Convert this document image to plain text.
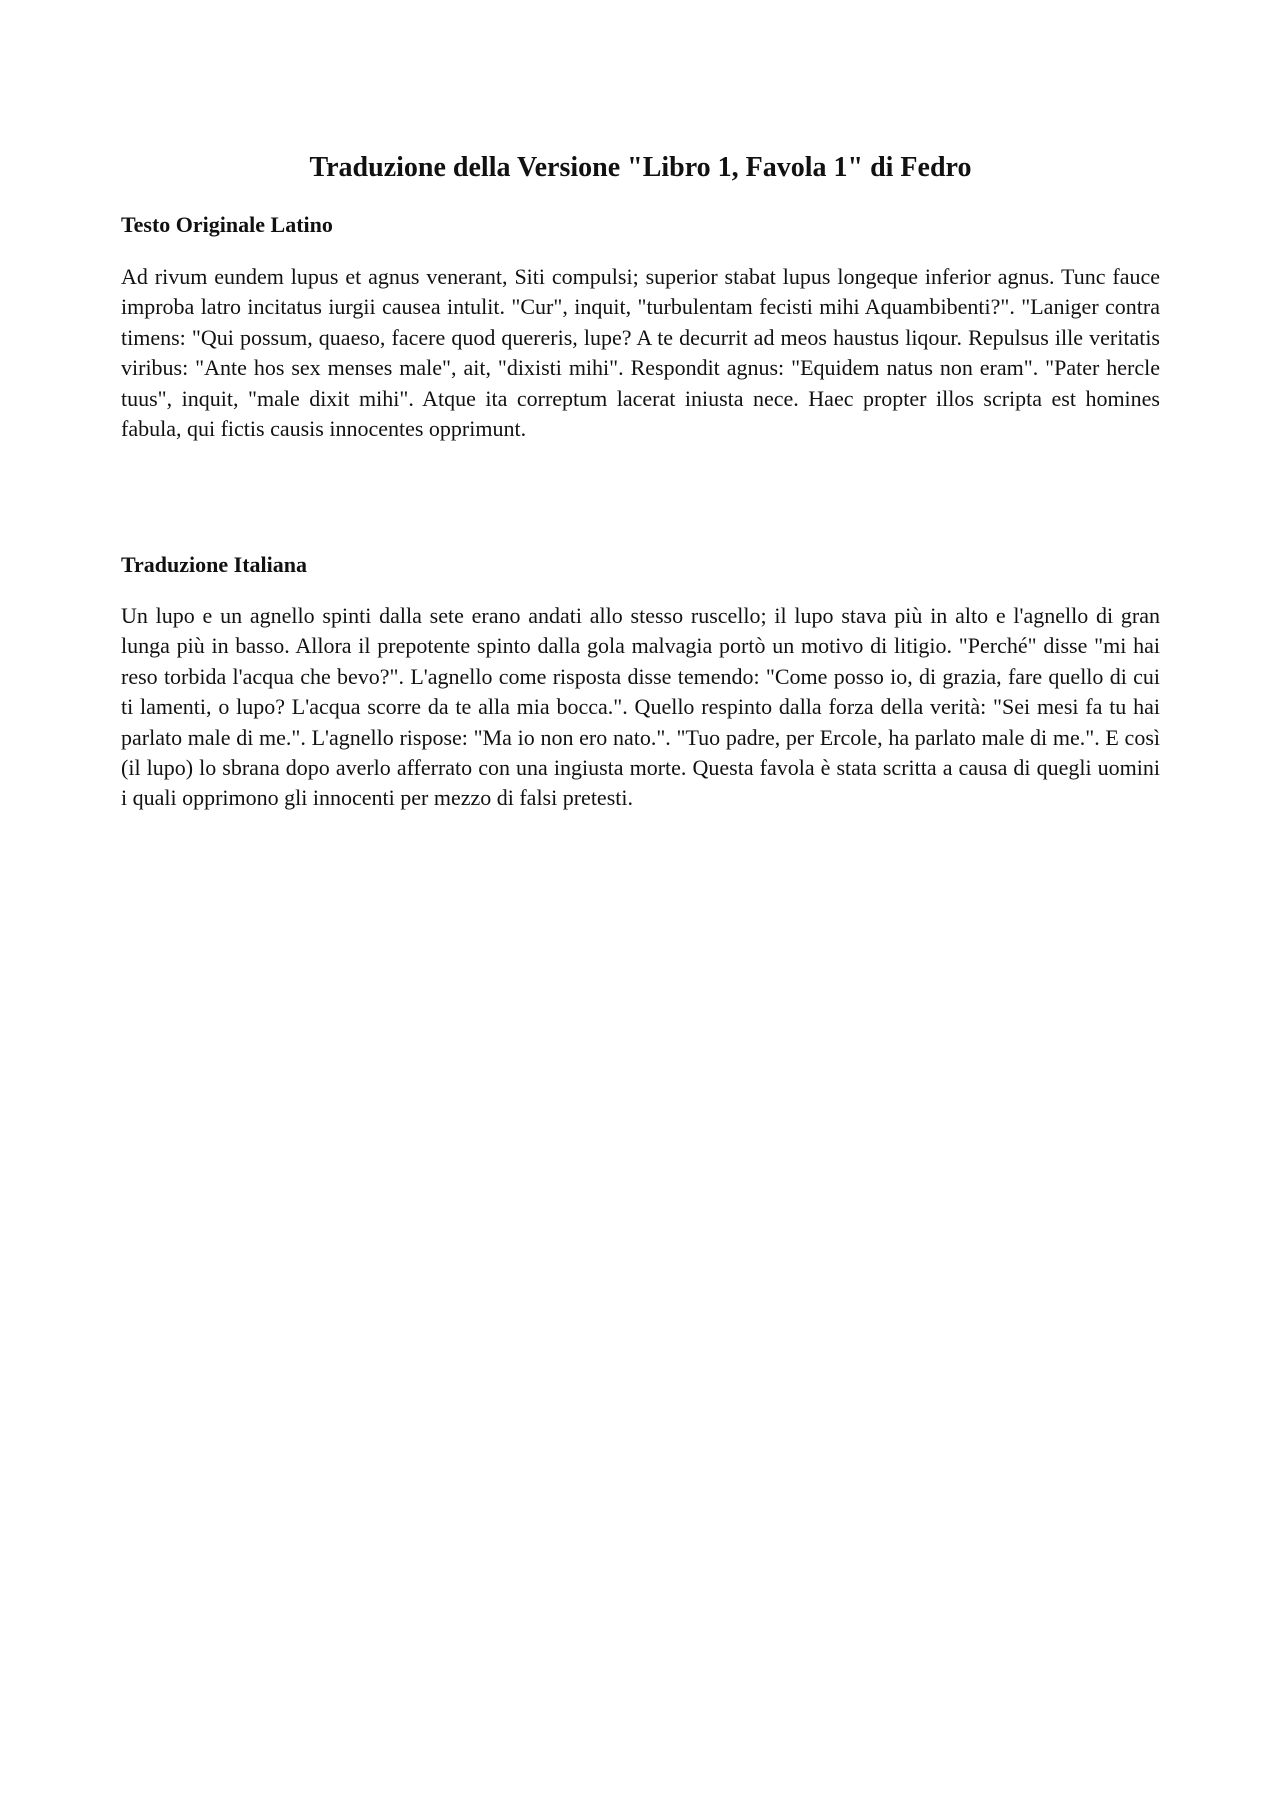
Traduzione della Versione "Libro 1, Favola 1" di Fedro
Testo Originale Latino

Ad rivum eundem lupus et agnus venerant, Siti compulsi; superior stabat lupus longeque inferior agnus. Tunc fauce improba latro incitatus iurgii causea intulit. "Cur", inquit, "turbulentam fecisti mihi Aquambibenti?". "Laniger contra timens: "Qui possum, quaeso, facere quod quereris, lupe? A te decurrit ad meos haustus liqour. Repulsus ille veritatis viribus: "Ante hos sex menses male", ait, "dixisti mihi". Respondit agnus: "Equidem natus non eram". "Pater hercle tuus", inquit, "male dixit mihi". Atque ita correptum lacerat iniusta nece. Haec propter illos scripta est homines fabula, qui fictis causis innocentes opprimunt.

Traduzione Italiana

Un lupo e un agnello spinti dalla sete erano andati allo stesso ruscello; il lupo stava più in alto e l'agnello di gran lunga più in basso. Allora il prepotente spinto dalla gola malvagia portò un motivo di litigio. "Perché" disse "mi hai reso torbida l'acqua che bevo?". L'agnello come risposta disse temendo: "Come posso io, di grazia, fare quello di cui ti lamenti, o lupo? L'acqua scorre da te alla mia bocca.". Quello respinto dalla forza della verità: "Sei mesi fa tu hai parlato male di me.". L'agnello rispose: "Ma io non ero nato.". "Tuo padre, per Ercole, ha parlato male di me.". E così (il lupo) lo sbrana dopo averlo afferrato con una ingiusta morte. Questa favola è stata scritta a causa di quegli uomini i quali opprimono gli innocenti per mezzo di falsi pretesti.
